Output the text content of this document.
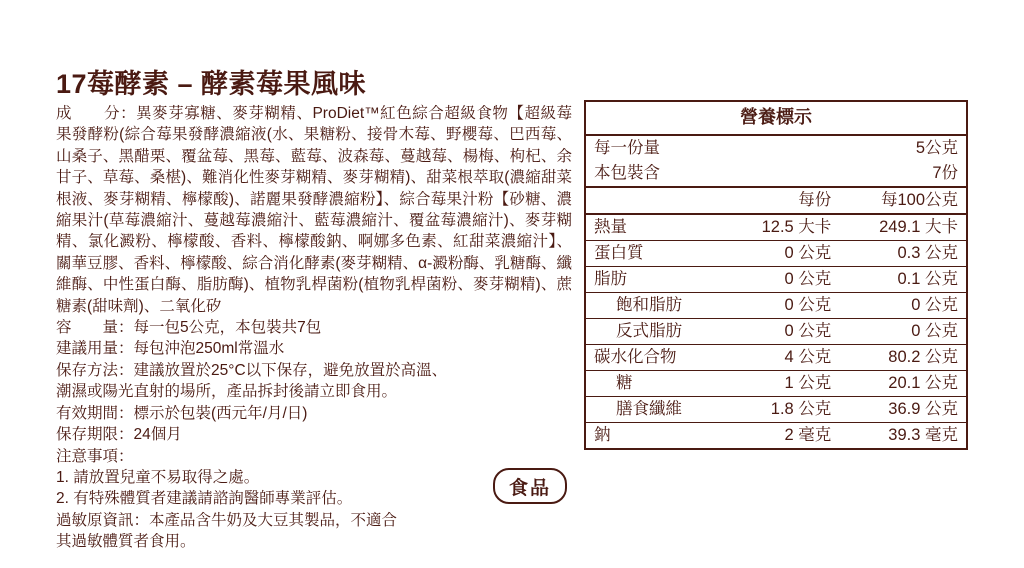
17莓酵素 – 酵素莓果風味

成　　分：異麥芽寡糖、麥芽糊精、ProDiet™紅色綜合超級食物【超級莓果發酵粉(綜合莓果發酵濃縮液(水、果糖粉、接骨木莓、野櫻莓、巴西莓、山桑子、黑醋栗、覆盆莓、黑莓、藍莓、波森莓、蔓越莓、楊梅、枸杞、余甘子、草莓、桑椹)、難消化性麥芽糊精、麥芽糊精)、甜菜根萃取(濃縮甜菜根液、麥芽糊精、檸檬酸)、諾麗果發酵濃縮粉】、綜合莓果汁粉【砂糖、濃縮果汁(草莓濃縮汁、蔓越莓濃縮汁、藍莓濃縮汁、覆盆莓濃縮汁)、麥芽糊精、氯化澱粉、檸檬酸、香料、檸檬酸鈉、啊娜多色素、紅甜菜濃縮汁】、關華豆膠、香料、檸檬酸、綜合消化酵素(麥芽糊精、α-澱粉酶、乳糖酶、纖維酶、中性蛋白酶、脂肪酶)、植物乳桿菌粉(植物乳桿菌粉、麥芽糊精)、蔗糖素(甜味劑)、二氧化矽

容　　量：每一包5公克，本包裝共7包

建議用量：每包沖泡250ml常溫水

保存方法：建議放置於25°C以下保存，避免放置於高溫、

潮濕或陽光直射的場所，產品拆封後請立即食用。

有效期間：標示於包裝(西元年/月/日)

保存期限：24個月

注意事項：

1. 請放置兒童不易取得之處。

2. 有特殊體質者建議請諮詢醫師專業評估。

過敏原資訊：本產品含牛奶及大豆其製品，不適合

其過敏體質者食用。

食品
營養標示		
每一份量	5公克	
本包裝含	7份	
	每份	每100公克
熱量	12.5 大卡	249.1 大卡
蛋白質	0 公克	0.3 公克
脂肪	0 公克	0.1 公克
飽和脂肪	0 公克	0 公克
反式脂肪	0 公克	0 公克
碳水化合物	4 公克	80.2 公克
糖	1 公克	20.1 公克
膳食纖維	1.8 公克	36.9 公克
鈉	2 毫克	39.3 毫克
